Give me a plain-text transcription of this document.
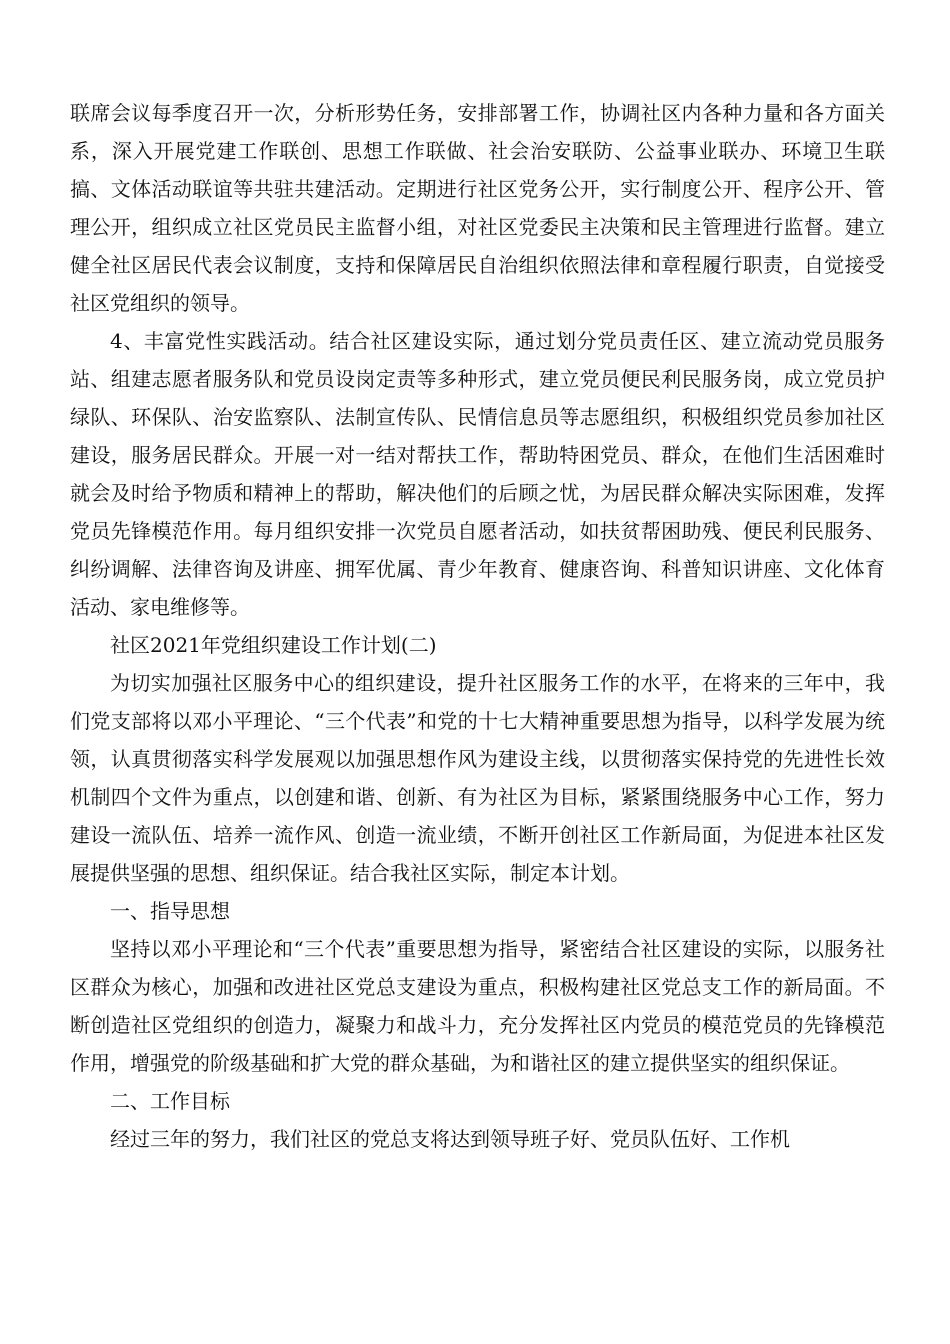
联席会议每季度召开一次，分析形势任务，安排部署工作，协调社区内各种力量和各方面关系，深入开展党建工作联创、思想工作联做、社会治安联防、公益事业联办、环境卫生联搞、文体活动联谊等共驻共建活动。定期进行社区党务公开，实行制度公开、程序公开、管理公开，组织成立社区党员民主监督小组，对社区党委民主决策和民主管理进行监督。建立健全社区居民代表会议制度，支持和保障居民自治组织依照法律和章程履行职责，自觉接受社区党组织的领导。

4、丰富党性实践活动。结合社区建设实际，通过划分党员责任区、建立流动党员服务站、组建志愿者服务队和党员设岗定责等多种形式，建立党员便民利民服务岗，成立党员护绿队、环保队、治安监察队、法制宣传队、民情信息员等志愿组织，积极组织党员参加社区建设，服务居民群众。开展一对一结对帮扶工作，帮助特困党员、群众，在他们生活困难时就会及时给予物质和精神上的帮助，解决他们的后顾之忧，为居民群众解决实际困难，发挥党员先锋模范作用。每月组织安排一次党员自愿者活动，如扶贫帮困助残、便民利民服务、纠纷调解、法律咨询及讲座、拥军优属、青少年教育、健康咨询、科普知识讲座、文化体育活动、家电维修等。

社区2021年党组织建设工作计划(二)

为切实加强社区服务中心的组织建设，提升社区服务工作的水平，在将来的三年中，我们党支部将以邓小平理论、“三个代表”和党的十七大精神重要思想为指导，以科学发展为统领，认真贯彻落实科学发展观以加强思想作风为建设主线，以贯彻落实保持党的先进性长效机制四个文件为重点，以创建和谐、创新、有为社区为目标，紧紧围绕服务中心工作，努力建设一流队伍、培养一流作风、创造一流业绩，不断开创社区工作新局面，为促进本社区发展提供坚强的思想、组织保证。结合我社区实际，制定本计划。

一、指导思想

坚持以邓小平理论和“三个代表”重要思想为指导，紧密结合社区建设的实际，以服务社区群众为核心，加强和改进社区党总支建设为重点，积极构建社区党总支工作的新局面。不断创造社区党组织的创造力，凝聚力和战斗力，充分发挥社区内党员的模范党员的先锋模范作用，增强党的阶级基础和扩大党的群众基础，为和谐社区的建立提供坚实的组织保证。

二、工作目标

经过三年的努力，我们社区的党总支将达到领导班子好、党员队伍好、工作机
